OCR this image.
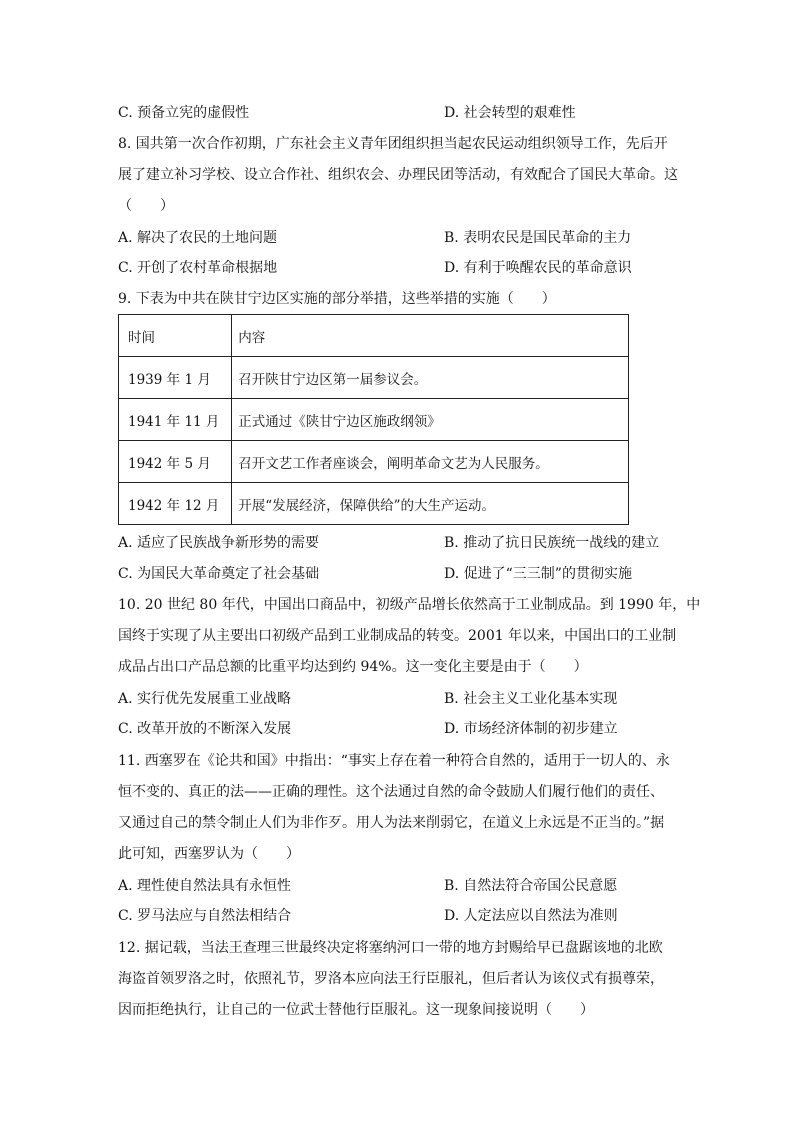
C. 预备立宪的虚假性	D. 社会转型的艰难性
8. 国共第一次合作初期，广东社会主义青年团组织担当起农民运动组织领导工作，先后开
展了建立补习学校、设立合作社、组织农会、办理民团等活动，有效配合了国民大革命。这
（　　）
A. 解决了农民的土地问题	B. 表明农民是国民革命的主力
C. 开创了农村革命根据地	D. 有利于唤醒农民的革命意识
9. 下表为中共在陕甘宁边区实施的部分举措，这些举措的实施（　　）
时间	内容
1939 年 1 月	召开陕甘宁边区第一届参议会。
1941 年 11 月	正式通过《陕甘宁边区施政纲领》
1942 年 5 月	召开文艺工作者座谈会，阐明革命文艺为人民服务。
1942 年 12 月	开展“发展经济，保障供给”的大生产运动。
A. 适应了民族战争新形势的需要	B. 推动了抗日民族统一战线的建立
C. 为国民大革命奠定了社会基础	D. 促进了“三三制”的贯彻实施
10. 20 世纪 80 年代，中国出口商品中，初级产品增长依然高于工业制成品。到 1990 年，中
国终于实现了从主要出口初级产品到工业制成品的转变。2001 年以来，中国出口的工业制
成品占出口产品总额的比重平均达到约 94%。这一变化主要是由于（　　）
A. 实行优先发展重工业战略	B. 社会主义工业化基本实现
C. 改革开放的不断深入发展	D. 市场经济体制的初步建立
11. 西塞罗在《论共和国》中指出：“事实上存在着一种符合自然的，适用于一切人的、永
恒不变的、真正的法——正确的理性。这个法通过自然的命令鼓励人们履行他们的责任、
又通过自己的禁令制止人们为非作歹。用人为法来削弱它，在道义上永远是不正当的。”据
此可知，西塞罗认为（　　）
A. 理性使自然法具有永恒性	B. 自然法符合帝国公民意愿
C. 罗马法应与自然法相结合	D. 人定法应以自然法为准则
12. 据记载，当法王查理三世最终决定将塞纳河口一带的地方封赐给早已盘踞该地的北欧
海盗首领罗洛之时，依照礼节，罗洛本应向法王行臣服礼，但后者认为该仪式有损尊荣，
因而拒绝执行，让自己的一位武士替他行臣服礼。这一现象间接说明（　　）
